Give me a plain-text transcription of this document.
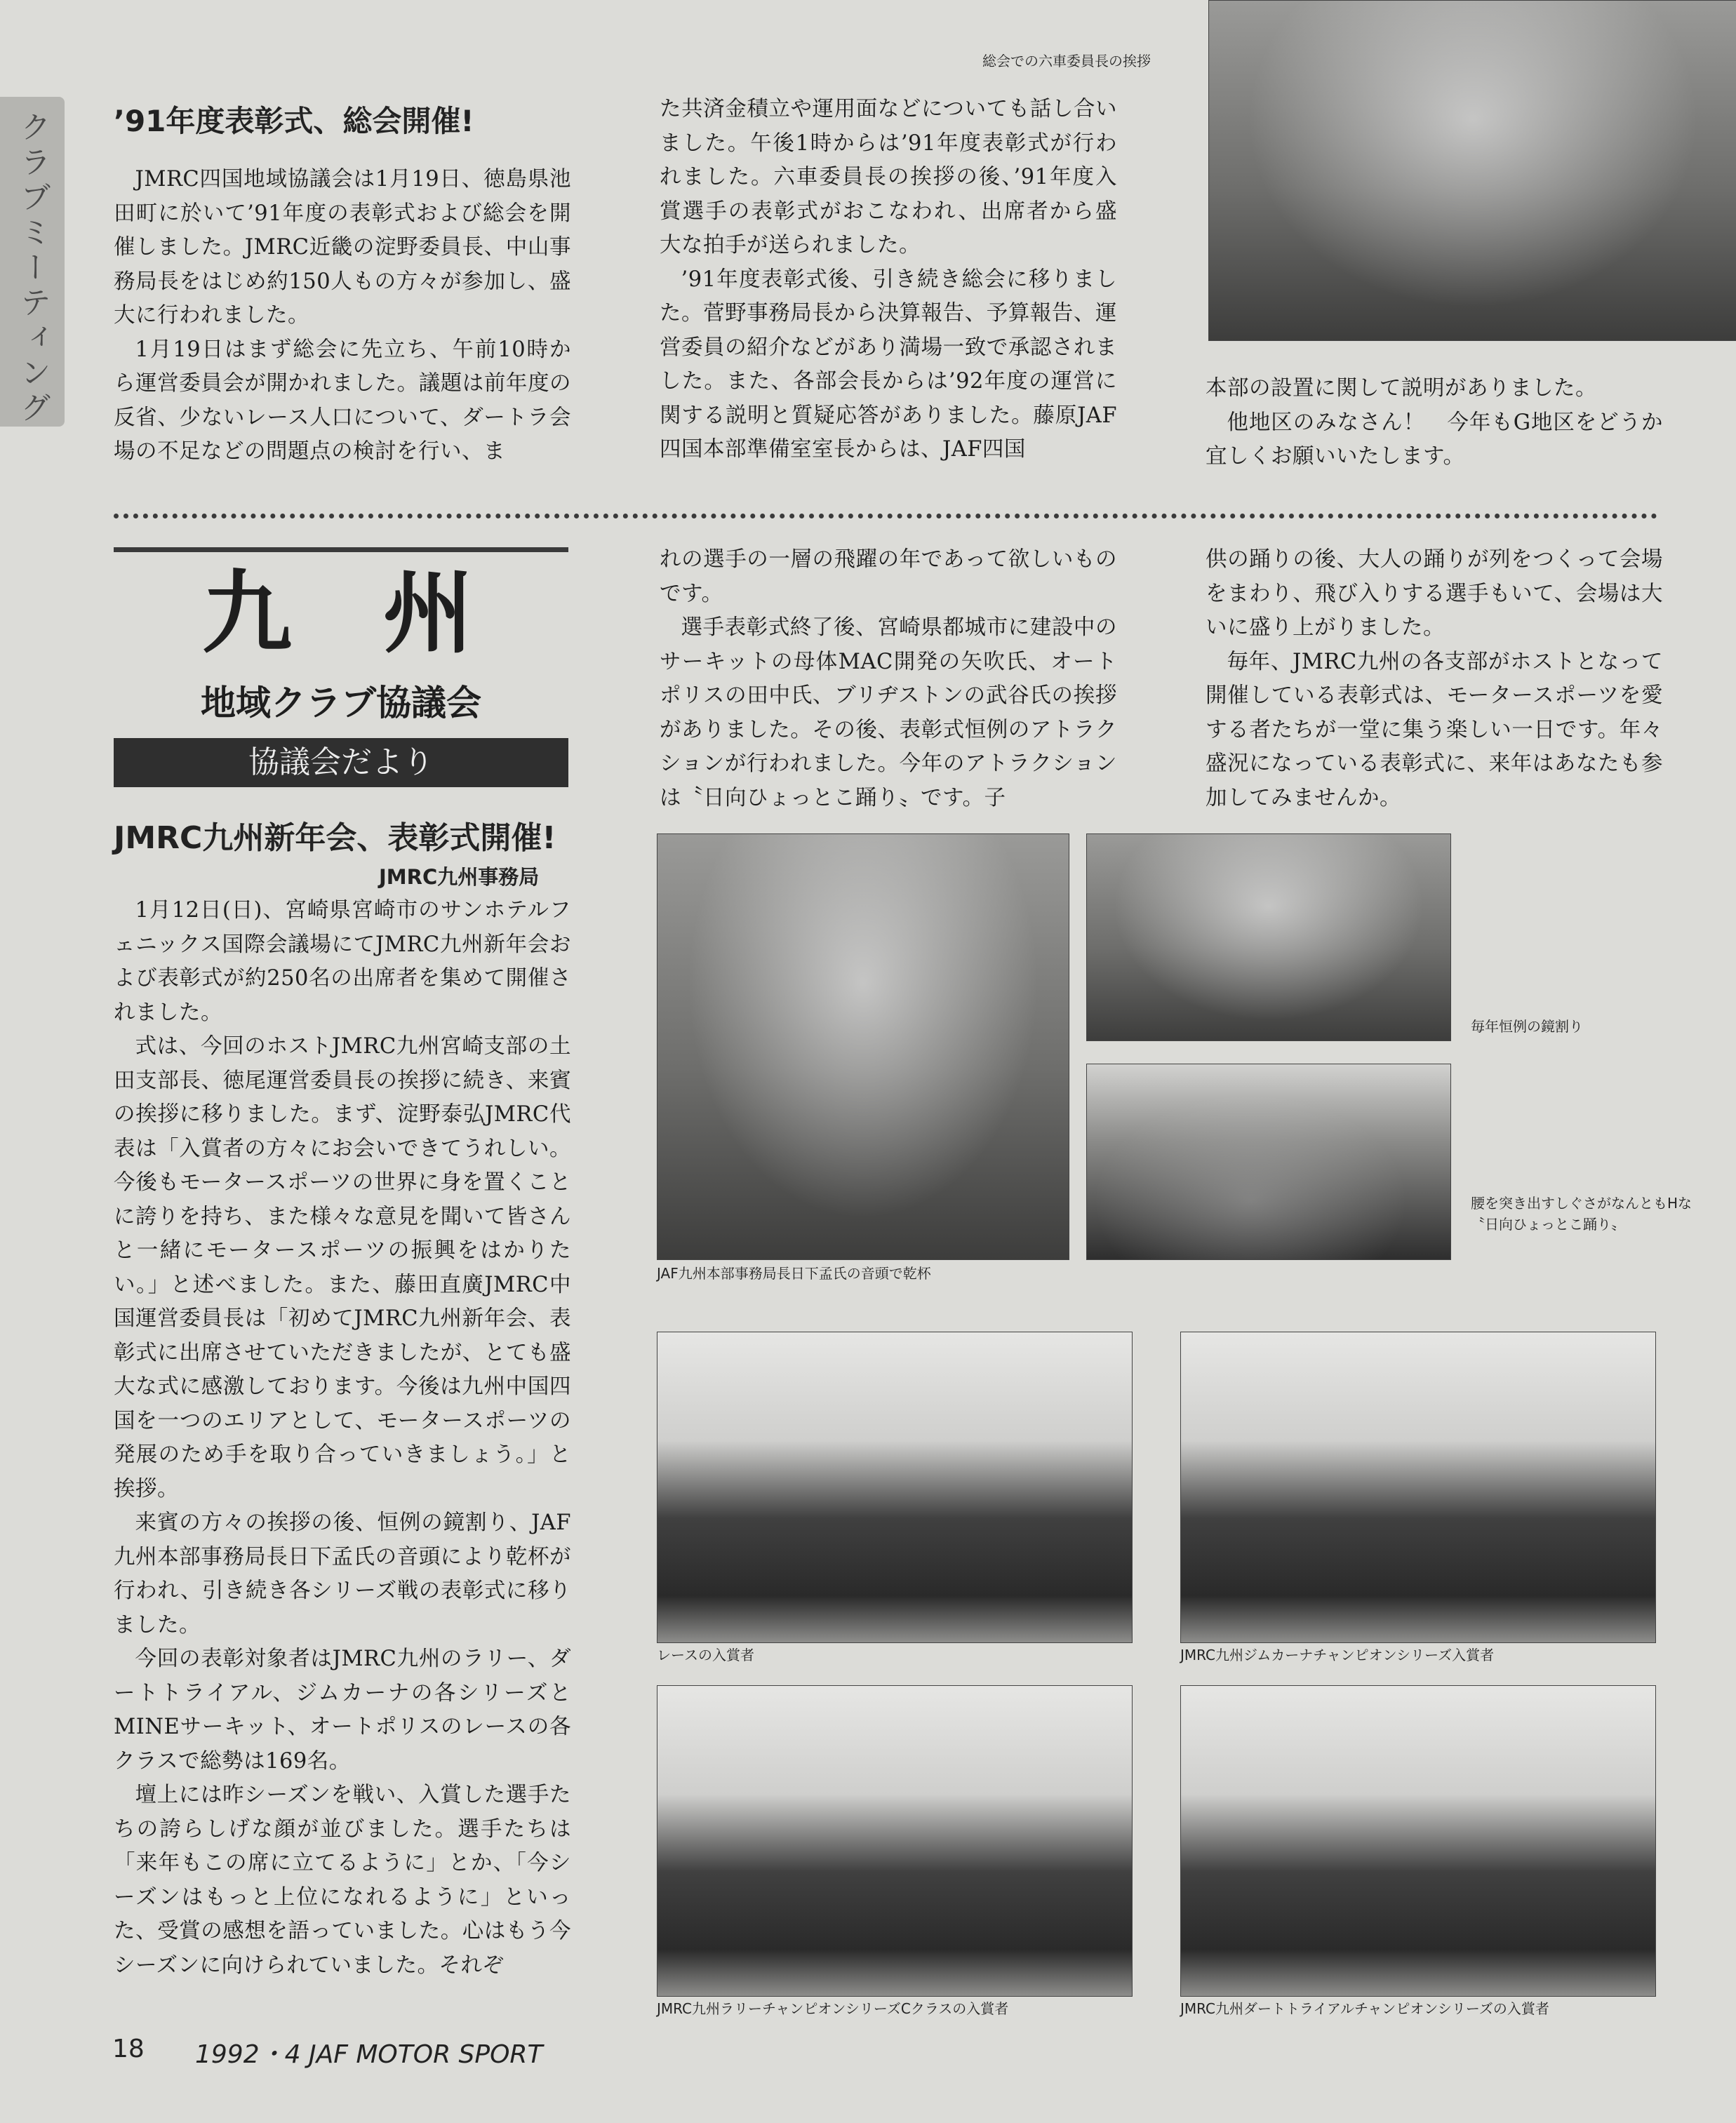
クラブミーティング ’91年度表彰式、総会開催!

JMRC四国地域協議会は1月19日、徳島県池田町に於いて’91年度の表彰式および総会を開催しました。JMRC近畿の淀野委員長、中山事務局長をはじめ約150人もの方々が参加し、盛大に行われました。

1月19日はまず総会に先立ち、午前10時から運営委員会が開かれました。議題は前年度の反省、少ないレース人口について、ダートラ会場の不足などの問題点の検討を行い、ま

た共済金積立や運用面などについても話し合いました。午後1時からは’91年度表彰式が行われました。六車委員長の挨拶の後、’91年度入賞選手の表彰式がおこなわれ、出席者から盛大な拍手が送られました。

’91年度表彰式後、引き続き総会に移りました。菅野事務局長から決算報告、予算報告、運営委員の紹介などがあり満場一致で承認されました。また、各部会長からは’92年度の運営に関する説明と質疑応答がありました。藤原JAF四国本部準備室室長からは、JAF四国

総会での六車委員長の挨拶

本部の設置に関して説明がありました。

他地区のみなさん！　今年もG地区をどうか宜しくお願いいたします。

九州
地域クラブ協議会
協議会だより
JMRC九州新年会、表彰式開催!
JMRC九州事務局

1月12日(日)、宮崎県宮崎市のサンホテルフェニックス国際会議場にてJMRC九州新年会および表彰式が約250名の出席者を集めて開催されました。

式は、今回のホストJMRC九州宮崎支部の土田支部長、徳尾運営委員長の挨拶に続き、来賓の挨拶に移りました。まず、淀野泰弘JMRC代表は「入賞者の方々にお会いできてうれしい。今後もモータースポーツの世界に身を置くことに誇りを持ち、また様々な意見を聞いて皆さんと一緒にモータースポーツの振興をはかりたい。」と述べました。また、藤田直廣JMRC中国運営委員長は「初めてJMRC九州新年会、表彰式に出席させていただきましたが、とても盛大な式に感激しております。今後は九州中国四国を一つのエリアとして、モータースポーツの発展のため手を取り合っていきましょう。」と挨拶。

来賓の方々の挨拶の後、恒例の鏡割り、JAF九州本部事務局長日下孟氏の音頭により乾杯が行われ、引き続き各シリーズ戦の表彰式に移りました。

今回の表彰対象者はJMRC九州のラリー、ダートトライアル、ジムカーナの各シリーズとMINEサーキット、オートポリスのレースの各クラスで総勢は169名。

壇上には昨シーズンを戦い、入賞した選手たちの誇らしげな顔が並びました。選手たちは「来年もこの席に立てるように」とか、「今シーズンはもっと上位になれるように」といった、受賞の感想を語っていました。心はもう今シーズンに向けられていました。それぞ

れの選手の一層の飛躍の年であって欲しいものです。

選手表彰式終了後、宮崎県都城市に建設中のサーキットの母体MAC開発の矢吹氏、オートポリスの田中氏、ブリヂストンの武谷氏の挨拶がありました。その後、表彰式恒例のアトラクションが行われました。今年のアトラクションは〝日向ひょっとこ踊り〟です。子

供の踊りの後、大人の踊りが列をつくって会場をまわり、飛び入りする選手もいて、会場は大いに盛り上がりました。

毎年、JMRC九州の各支部がホストとなって開催している表彰式は、モータースポーツを愛する者たちが一堂に集う楽しい一日です。年々盛況になっている表彰式に、来年はあなたも参加してみませんか。

JAF九州本部事務局長日下孟氏の音頭で乾杯
毎年恒例の鏡割り
腰を突き出すしぐさがなんともHな〝日向ひょっとこ踊り〟
レースの入賞者	JMRC九州ジムカーナチャンピオンシリーズ入賞者
JMRC九州ラリーチャンピオンシリーズCクラスの入賞者	JMRC九州ダートトライアルチャンピオンシリーズの入賞者
18 1992・4 JAF MOTOR SPORT
